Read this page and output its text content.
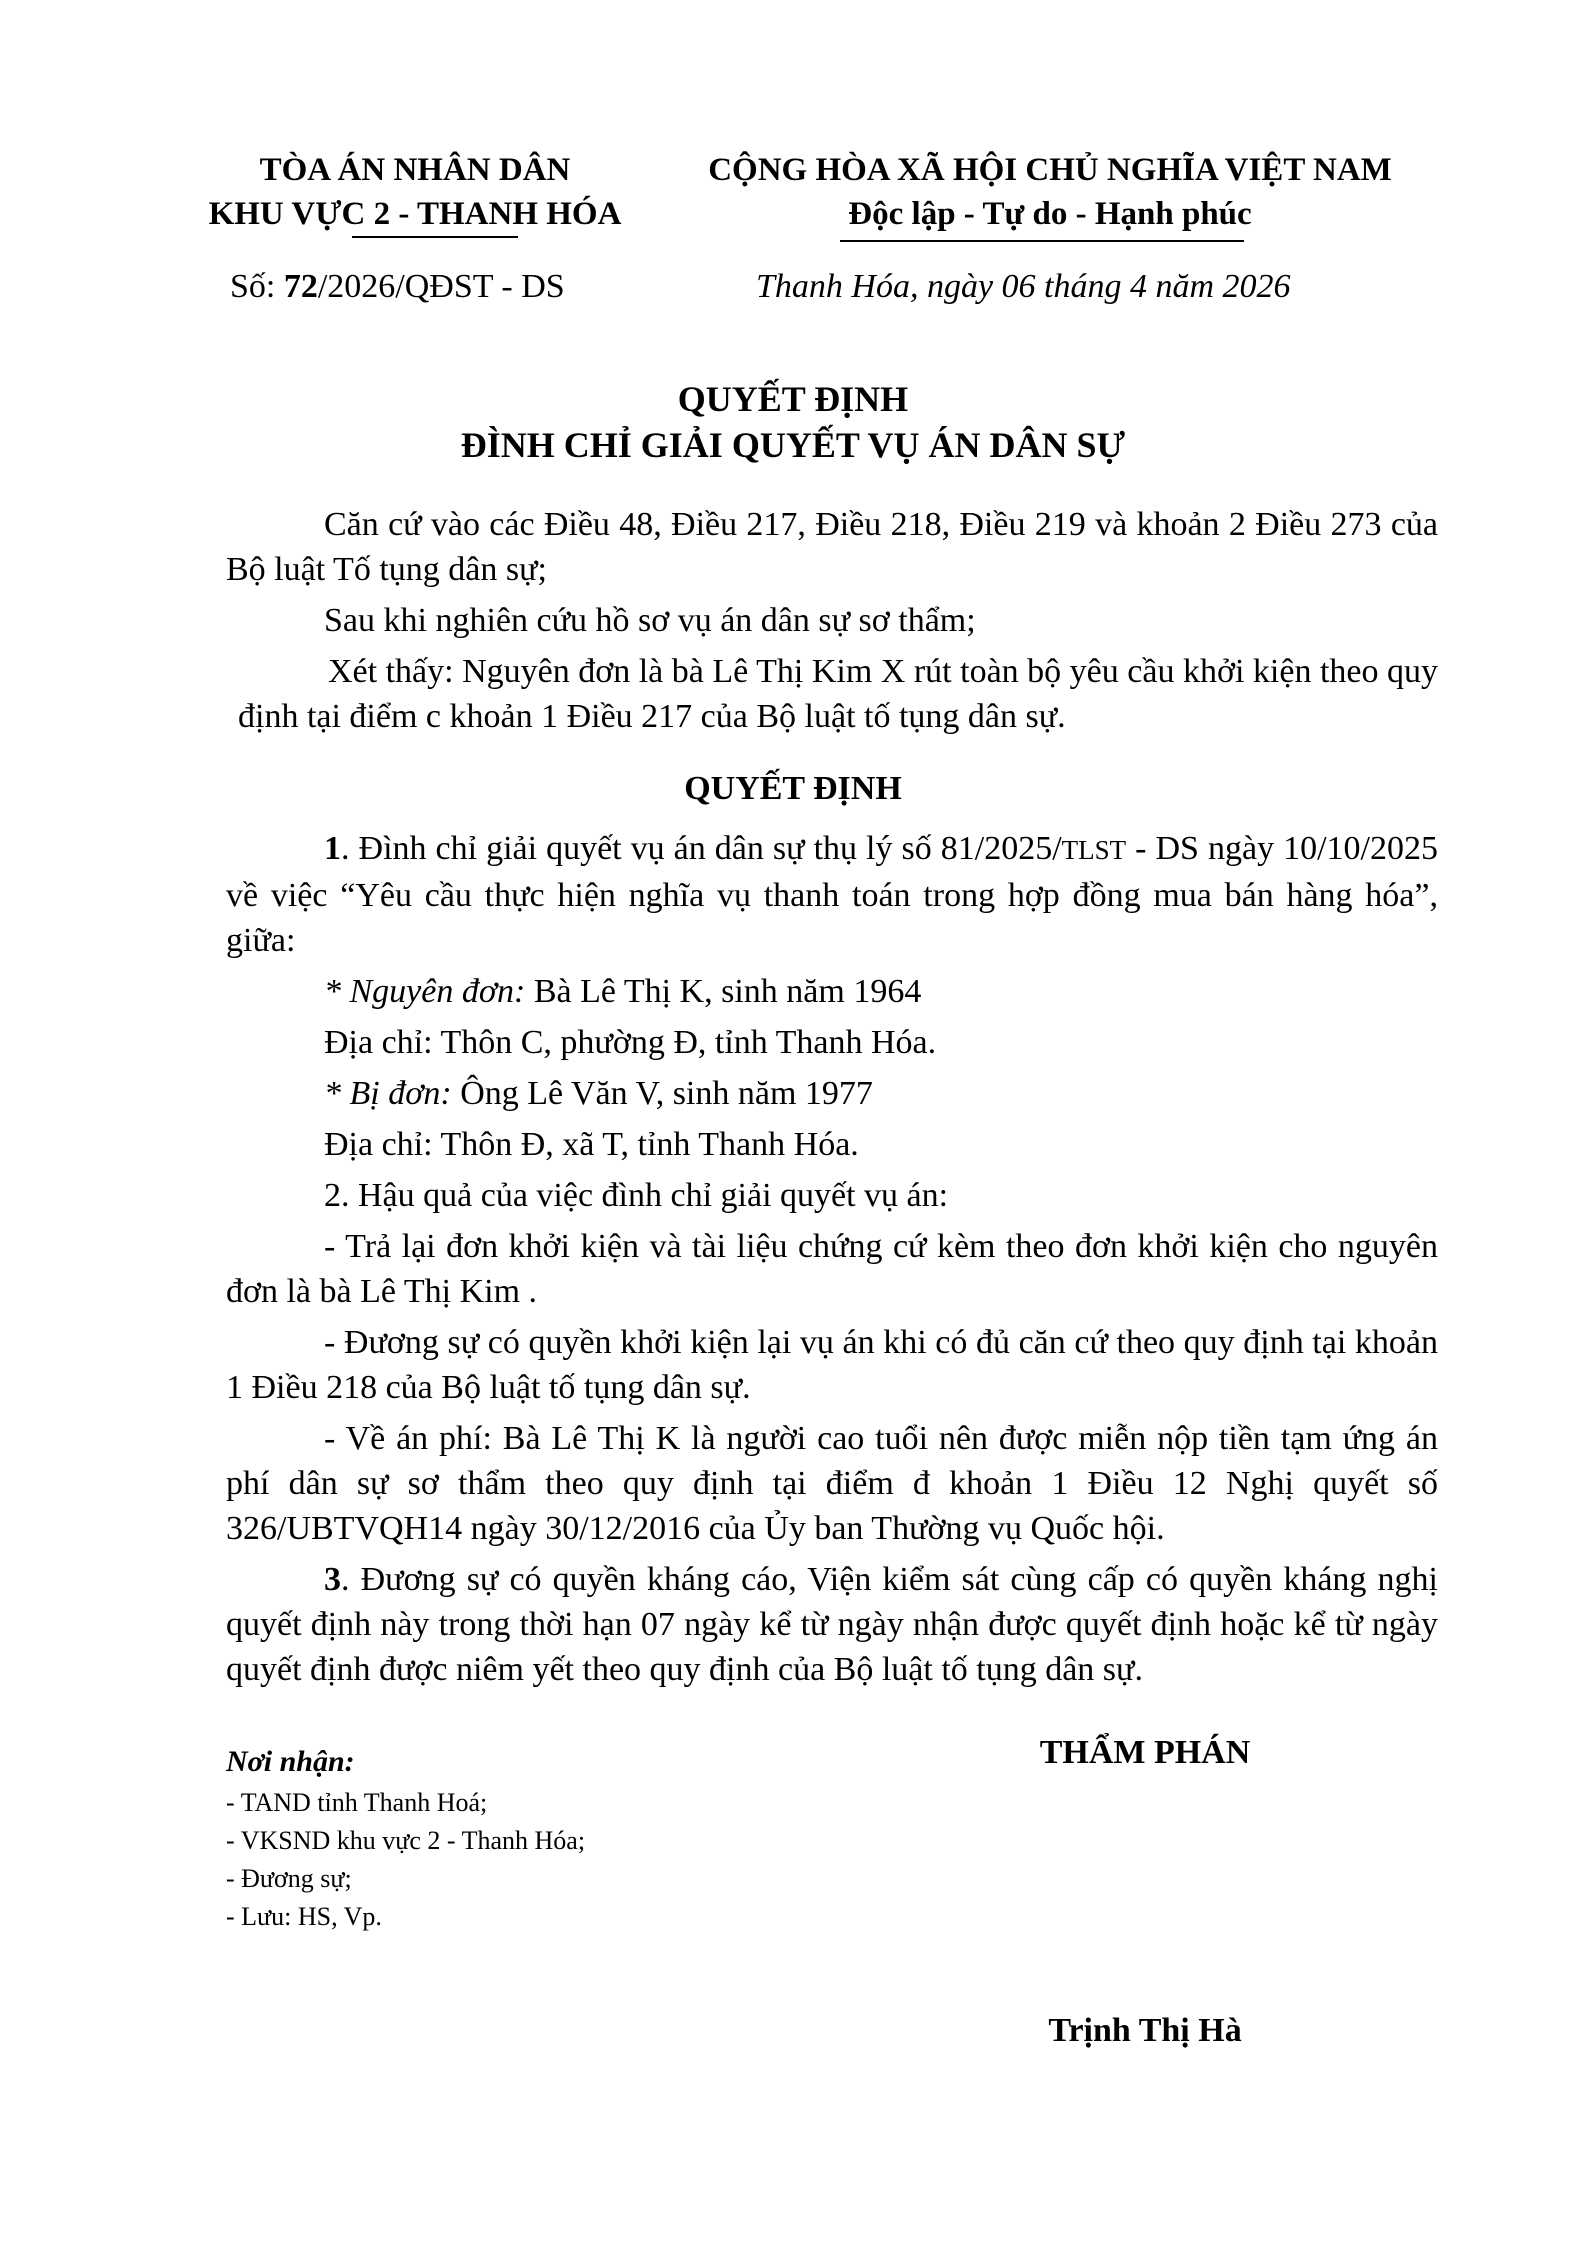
TÒA ÁN NHÂN DÂN
KHU VỰC 2 - THANH HÓA
CỘNG HÒA XÃ HỘI CHỦ NGHĨA VIỆT NAM
Độc lập - Tự do - Hạnh phúc
Số: 72/2026/QĐST - DS	Thanh Hóa, ngày 06 tháng 4 năm 2026
QUYẾT ĐỊNH
ĐÌNH CHỈ GIẢI QUYẾT VỤ ÁN DÂN SỰ

Căn cứ vào các Điều 48, Điều 217, Điều 218, Điều 219 và khoản 2 Điều 273 của Bộ luật Tố tụng dân sự;

Sau khi nghiên cứu hồ sơ vụ án dân sự sơ thẩm;

Xét thấy: Nguyên đơn là bà Lê Thị Kim X rút toàn bộ yêu cầu khởi kiện theo quy định tại điểm c khoản 1 Điều 217 của Bộ luật tố tụng dân sự.

QUYẾT ĐỊNH

1. Đình chỉ giải quyết vụ án dân sự thụ lý số 81/2025/TLST - DS ngày 10/10/2025 về việc “Yêu cầu thực hiện nghĩa vụ thanh toán trong hợp đồng mua bán hàng hóa”, giữa:

* Nguyên đơn: Bà Lê Thị K, sinh năm 1964

Địa chỉ: Thôn C, phường Đ, tỉnh Thanh Hóa.

* Bị đơn: Ông Lê Văn V, sinh năm 1977

Địa chỉ: Thôn Đ, xã T, tỉnh Thanh Hóa.

2. Hậu quả của việc đình chỉ giải quyết vụ án:

- Trả lại đơn khởi kiện và tài liệu chứng cứ kèm theo đơn khởi kiện cho nguyên đơn là bà Lê Thị Kim .

- Đương sự có quyền khởi kiện lại vụ án khi có đủ căn cứ theo quy định tại khoản 1 Điều 218 của Bộ luật tố tụng dân sự.

- Về án phí: Bà Lê Thị K là người cao tuổi nên được miễn nộp tiền tạm ứng án phí dân sự sơ thẩm theo quy định tại điểm đ khoản 1 Điều 12 Nghị quyết số 326/UBTVQH14 ngày 30/12/2016 của Ủy ban Thường vụ Quốc hội.

3. Đương sự có quyền kháng cáo, Viện kiểm sát cùng cấp có quyền kháng nghị quyết định này trong thời hạn 07 ngày kể từ ngày nhận được quyết định hoặc kể từ ngày quyết định được niêm yết theo quy định của Bộ luật tố tụng dân sự.

Nơi nhận:
- TAND tỉnh Thanh Hoá;
- VKSND khu vực 2 - Thanh Hóa;
- Đương sự;
- Lưu: HS, Vp.
THẨM PHÁN
Trịnh Thị Hà
